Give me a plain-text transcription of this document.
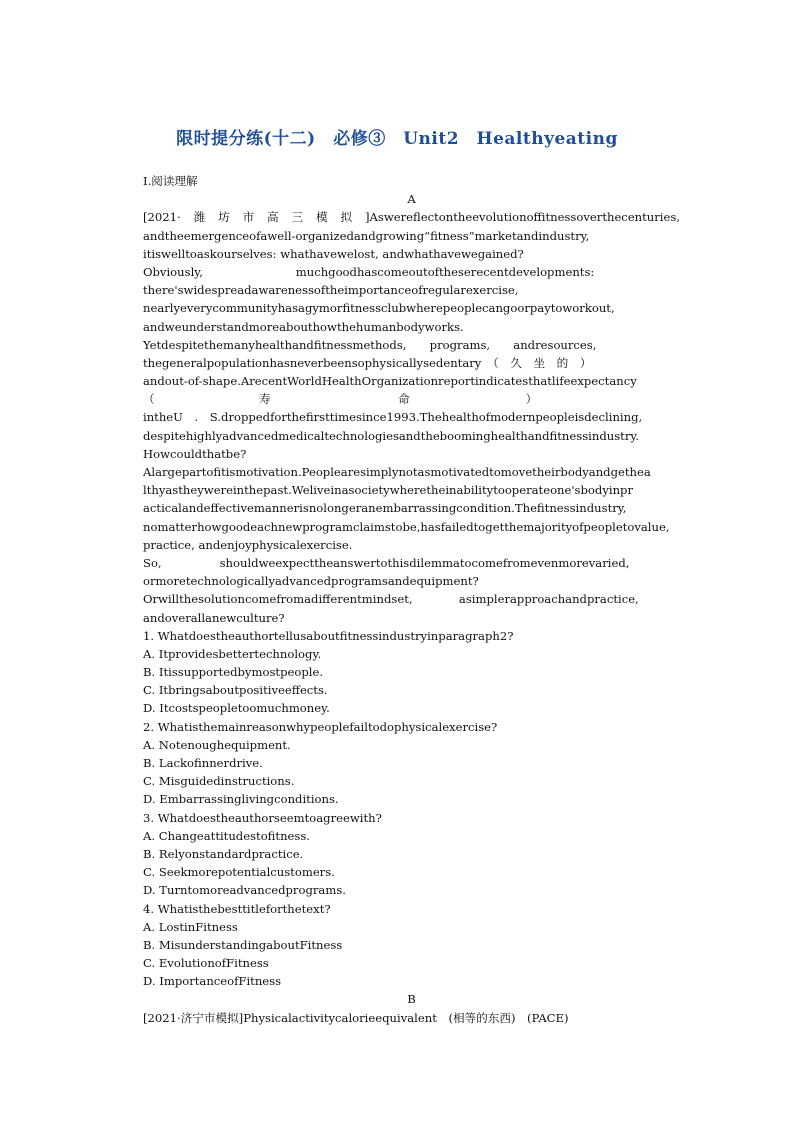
限时提分练(十二)　必修③　Unit2　Healthyeating
Ⅰ.阅读理解
A
[2021·潍坊市高三模拟]Aswereflectontheevolutionoffitnessoverthecenturies,
andtheemergenceofawell-organizedandgrowing“fitness”marketandindustry,
itiswelltoaskourselves: whathavewelost, andwhathavewegained?
Obviously,　　　　　　　　muchgoodhascomeoutoftheserecentdevelopments:
there'swidespreadawarenessoftheimportanceofregularexercise,
nearlyeverycommunityhasagymorfitnessclubwherepeoplecangoorpaytoworkout,
andweunderstandmoreabouthowthehumanbodyworks.
Yetdespitethemanyhealthandfitnessmethods,　　programs,　　andresources,
thegeneralpopulationhasneverbeensophysicallysedentary　（　久　坐　的　）
andout-of-shape.ArecentWorldHealthOrganizationreportindicatesthatlifeexpectancy
（　　　　　　　　　寿　　　　　　　　　　　命　　　　　　　　　　）
intheU　.　S.droppedforthefirsttimesince1993.Thehealthofmodernpeopleisdeclining,
despitehighlyadvancedmedicaltechnologiesandtheboominghealthandfitnessindustry.
Howcouldthatbe?
Alargepartofitismotivation.Peoplearesimplynotasmotivatedtomovetheirbodyandgethea
lthyastheywereinthepast.Weliveinasocietywheretheinabilitytooperateone'sbodyinpr
acticalandeffectivemannerisnolongeranembarrassingcondition.Thefitnessindustry,
nomatterhowgoodeachnewprogramclaimstobe,hasfailedtogetthemajorityofpeopletovalue,
practice, andenjoyphysicalexercise.
So,　　　　　shouldweexpecttheanswertothisdilemmatocomefromevenmorevaried,
ormoretechnologicallyadvancedprogramsandequipment?
Orwillthesolutioncomefromadifferentmindset,　　　　asimplerapproachandpractice,
andoverallanewculture?
1. Whatdoestheauthortellusaboutfitnessindustryinparagraph2?
A. Itprovidesbettertechnology.
B. Itissupportedbymostpeople.
C. Itbringsaboutpositiveeffects.
D. Itcostspeopletoomuchmoney.
2. Whatisthemainreasonwhypeoplefailtodophysicalexercise?
A. Notenoughequipment.
B. Lackofinnerdrive.
C. Misguidedinstructions.
D. Embarrassinglivingconditions.
3. Whatdoestheauthorseemtoagreewith?
A. Changeattitudestofitness.
B. Relyonstandardpractice.
C. Seekmorepotentialcustomers.
D. Turntomoreadvancedprograms.
4. Whatisthebesttitleforthetext?
A. LostinFitness
B. MisunderstandingaboutFitness
C. EvolutionofFitness
D. ImportanceofFitness
B
[2021·济宁市模拟]Physicalactivitycalorieequivalent　(相等的东西)　(PACE)
